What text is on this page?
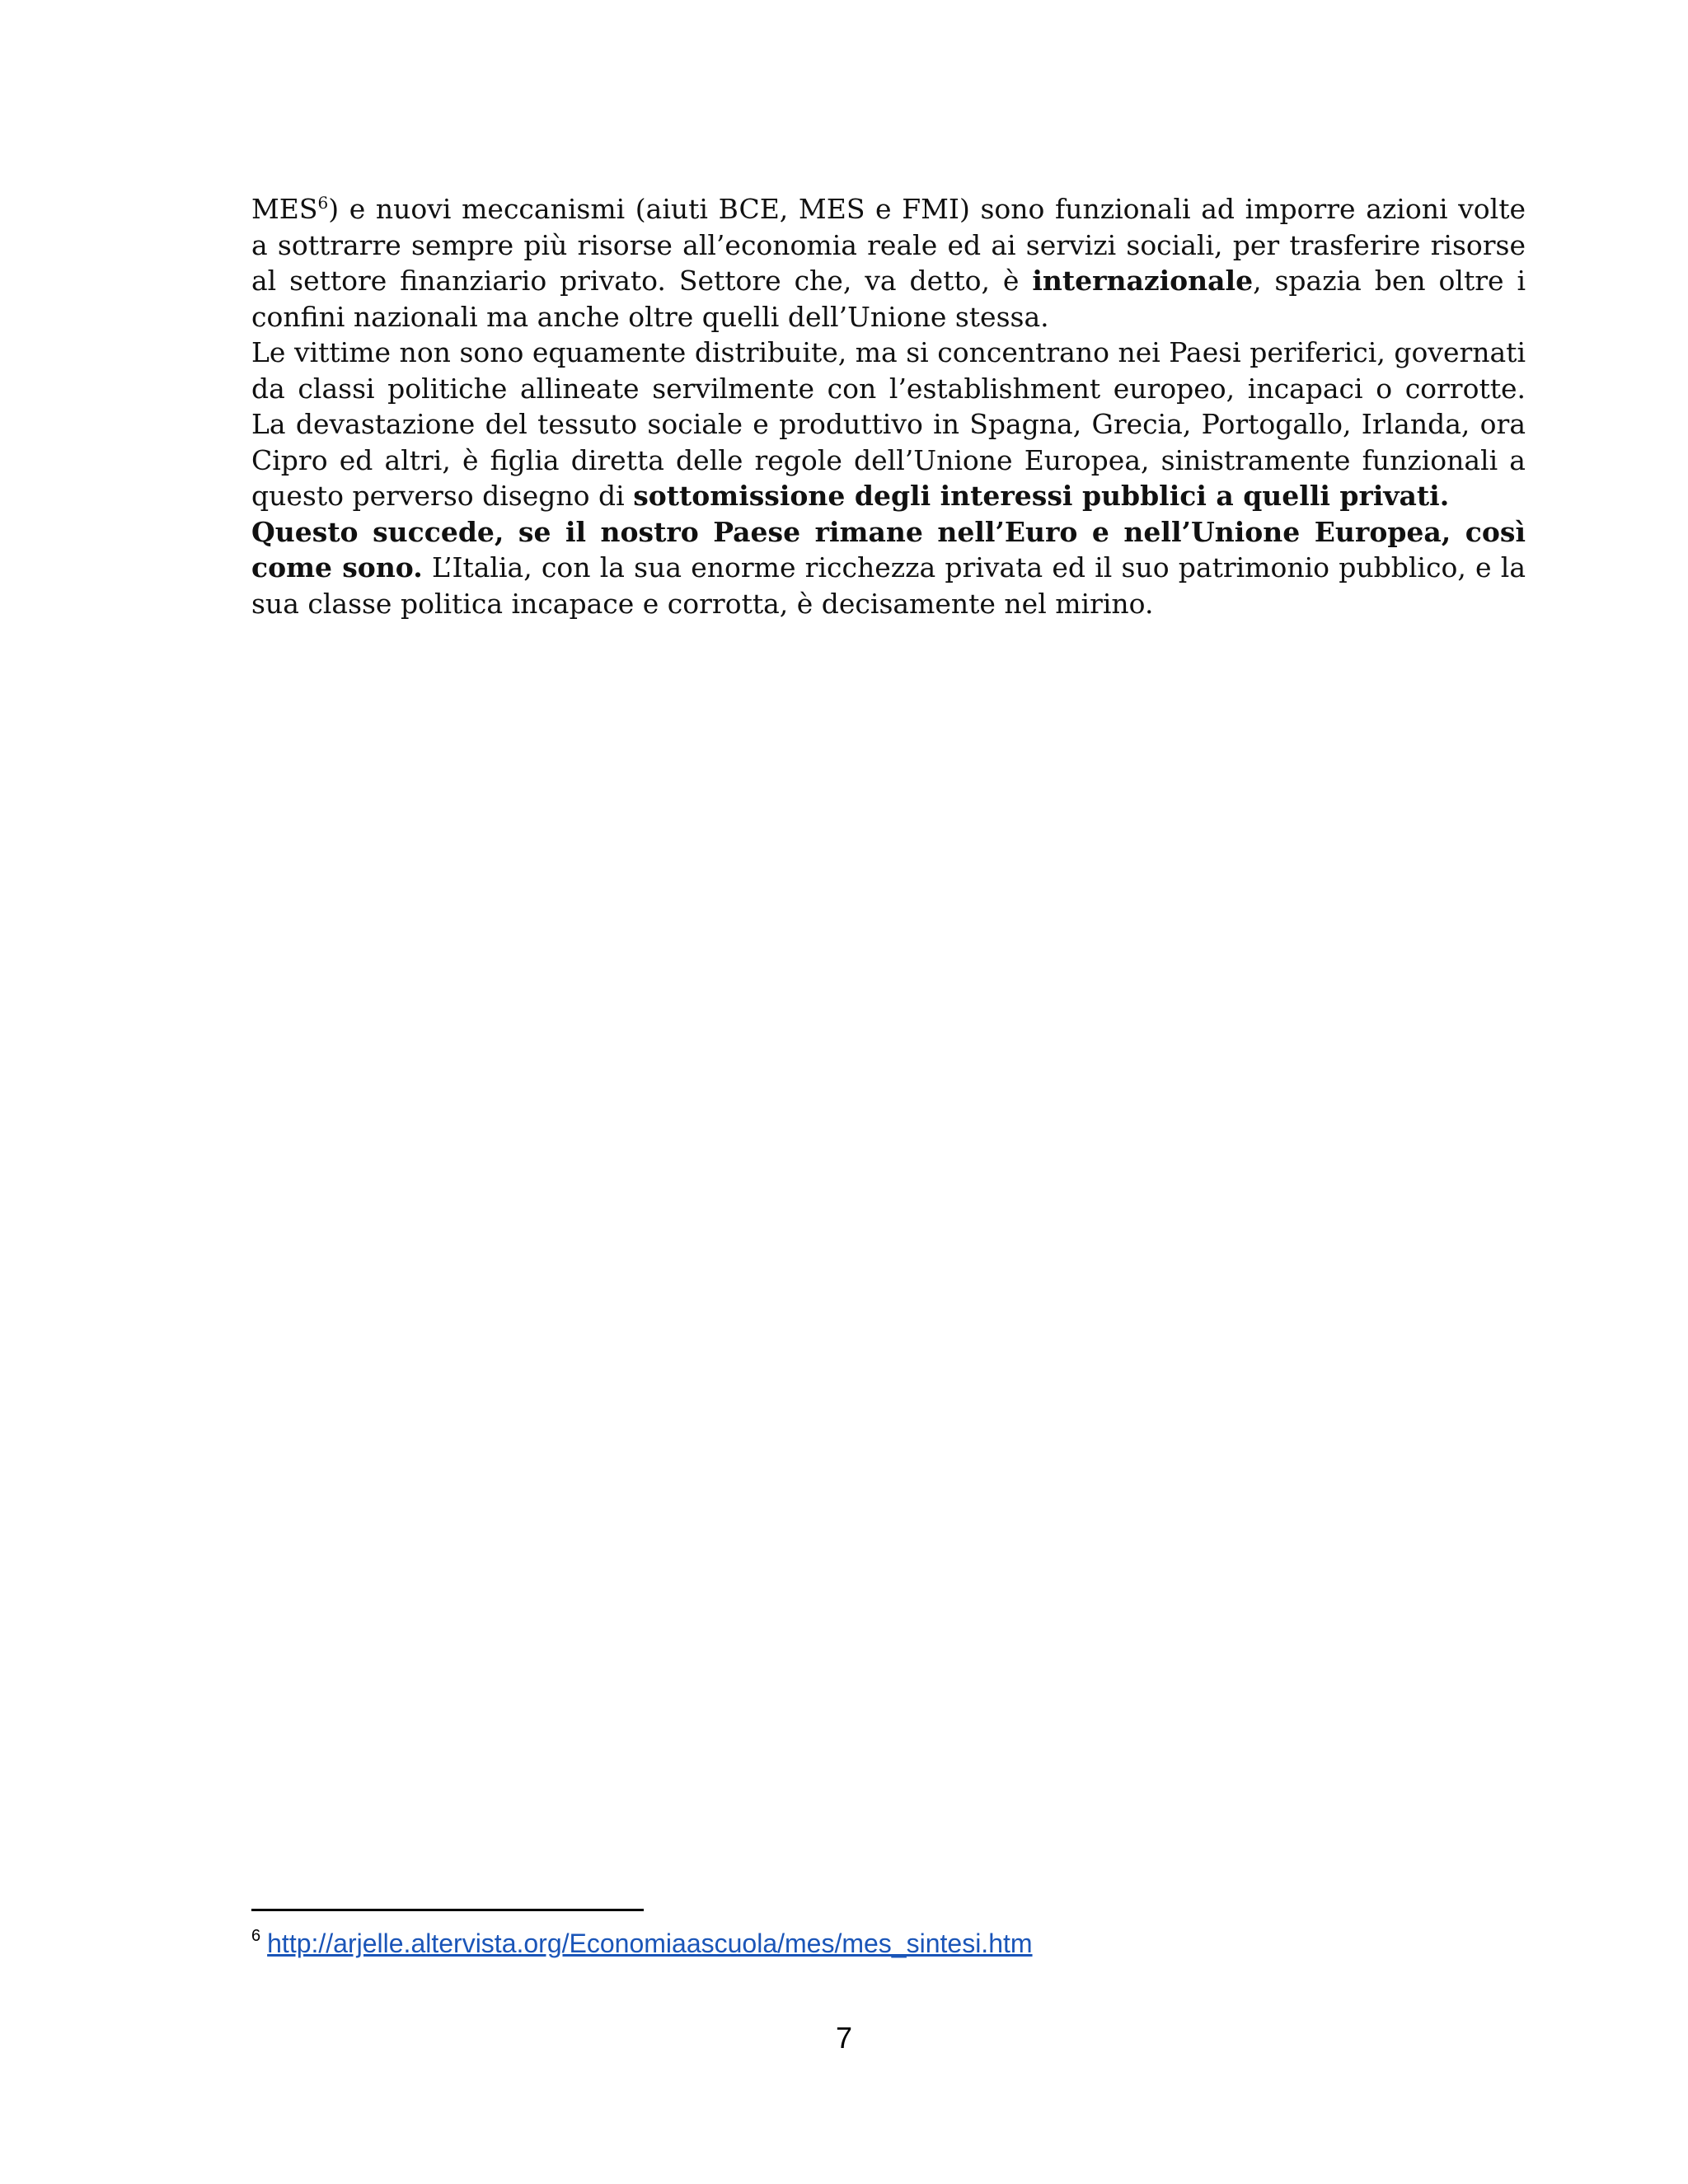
MES$^6$) e nuovi meccanismi (aiuti BCE, MES e FMI) sono funzionali ad imporre azioni volte a sottrarre sempre più risorse all’economia reale ed ai servizi sociali, per trasferire risorse al settore finanziario privato. Settore che, va detto, è internazionale, spazia ben oltre i confini nazionali ma anche oltre quelli dell’Unione stessa.

Le vittime non sono equamente distribuite, ma si concentrano nei Paesi periferici, governati da classi politiche allineate servilmente con l’establishment europeo, incapaci o corrotte. La devastazione del tessuto sociale e produttivo in Spagna, Grecia, Portogallo, Irlanda, ora Cipro ed altri, è figlia diretta delle regole dell’Unione Europea, sinistramente funzionali a questo perverso disegno di sottomissione degli interessi pubblici a quelli privati.

Questo succede, se il nostro Paese rimane nell’Euro e nell’Unione Europea, così come sono. L’Italia, con la sua enorme ricchezza privata ed il suo patrimonio pubblico, e la sua classe politica incapace e corrotta, è decisamente nel mirino.

$^6$ http://arjelle.altervista.org/Economiaascuola/mes/mes_sintesi.htm
7
